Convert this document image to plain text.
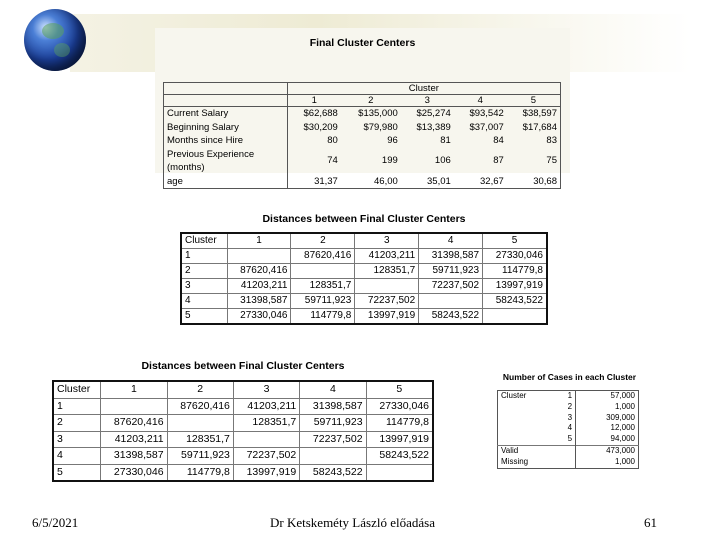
Final Cluster Centers
	Cluster				
	1	2	3	4	5
Current Salary	$62,688	$135,000	$25,274	$93,542	$38,597
Beginning Salary	$30,209	$79,980	$13,389	$37,007	$17,684
Months since Hire	80	96	81	84	83
Previous Experience
(months)	74	199	106	87	75
age	31,37	46,00	35,01	32,67	30,68
Distances between Final Cluster Centers
Cluster	1	2	3	4	5
1		87620,416	41203,211	31398,587	27330,046
2	87620,416		128351,7	59711,923	114779,8
3	41203,211	128351,7		72237,502	13997,919
4	31398,587	59711,923	72237,502		58243,522
5	27330,046	114779,8	13997,919	58243,522	
Distances between Final Cluster Centers
Cluster	1	2	3	4	5
1		87620,416	41203,211	31398,587	27330,046
2	87620,416		128351,7	59711,923	114779,8
3	41203,211	128351,7		72237,502	13997,919
4	31398,587	59711,923	72237,502		58243,522
5	27330,046	114779,8	13997,919	58243,522	
Number of Cases in each Cluster
Cluster	1	57,000
	2	1,000
	3	309,000
	4	12,000
	5	94,000
Valid		473,000
Missing		1,000
6/5/2021	Dr Ketskeméty László előadása	61
